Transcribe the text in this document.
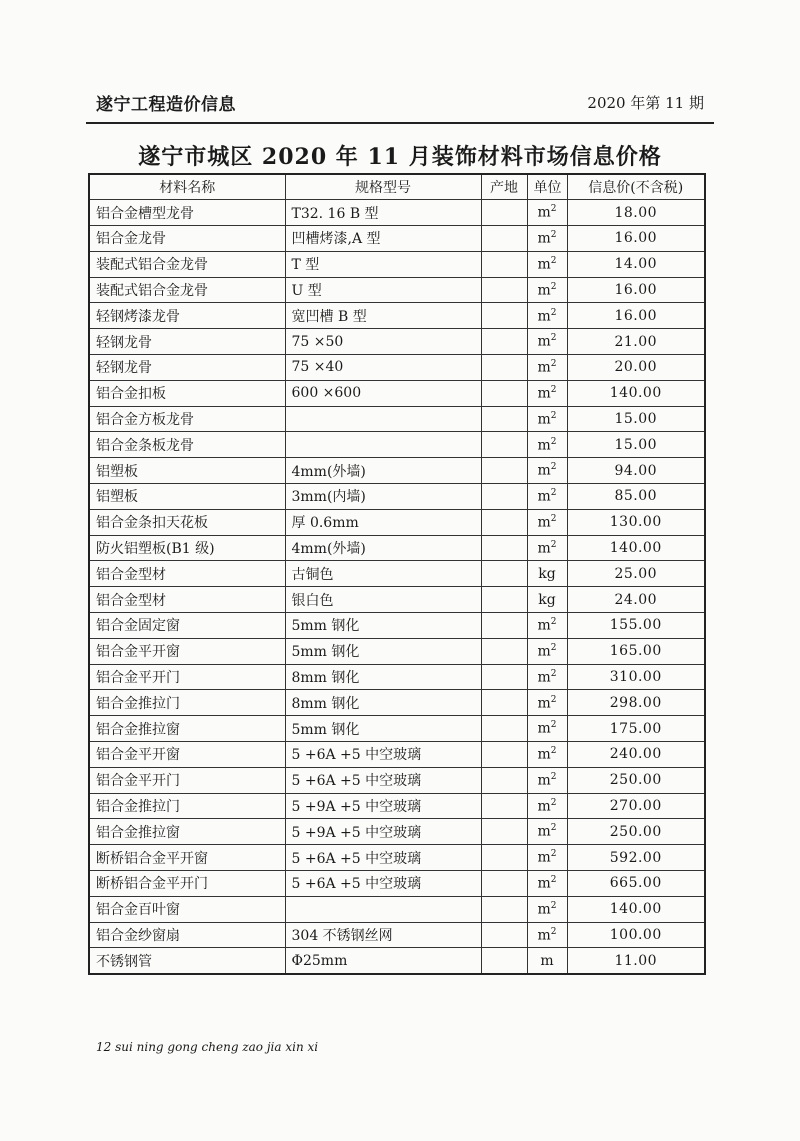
遂宁工程造价信息	2020 年第 11 期
遂宁市城区 2020 年 11 月装饰材料市场信息价格
材料名称	规格型号	产地	单位	信息价(不含税)
铝合金槽型龙骨	T32. 16 B 型		$m^2$	18.00
铝合金龙骨	凹槽烤漆,A 型		$m^2$	16.00
装配式铝合金龙骨	T 型		$m^2$	14.00
装配式铝合金龙骨	U 型		$m^2$	16.00
轻钢烤漆龙骨	宽凹槽 B 型		$m^2$	16.00
轻钢龙骨	75 ×50		$m^2$	21.00
轻钢龙骨	75 ×40		$m^2$	20.00
铝合金扣板	600 ×600		$m^2$	140.00
铝合金方板龙骨			$m^2$	15.00
铝合金条板龙骨			$m^2$	15.00
铝塑板	4mm(外墙)		$m^2$	94.00
铝塑板	3mm(内墙)		$m^2$	85.00
铝合金条扣天花板	厚 0.6mm		$m^2$	130.00
防火铝塑板(B1 级)	4mm(外墙)		$m^2$	140.00
铝合金型材	古铜色		kg	25.00
铝合金型材	银白色		kg	24.00
铝合金固定窗	5mm 钢化		$m^2$	155.00
铝合金平开窗	5mm 钢化		$m^2$	165.00
铝合金平开门	8mm 钢化		$m^2$	310.00
铝合金推拉门	8mm 钢化		$m^2$	298.00
铝合金推拉窗	5mm 钢化		$m^2$	175.00
铝合金平开窗	5 +6A +5 中空玻璃		$m^2$	240.00
铝合金平开门	5 +6A +5 中空玻璃		$m^2$	250.00
铝合金推拉门	5 +9A +5 中空玻璃		$m^2$	270.00
铝合金推拉窗	5 +9A +5 中空玻璃		$m^2$	250.00
断桥铝合金平开窗	5 +6A +5 中空玻璃		$m^2$	592.00
断桥铝合金平开门	5 +6A +5 中空玻璃		$m^2$	665.00
铝合金百叶窗			$m^2$	140.00
铝合金纱窗扇	304 不锈钢丝网		$m^2$	100.00
不锈钢管	Φ25mm		m	11.00
12 sui ning gong cheng zao jia xin xi
